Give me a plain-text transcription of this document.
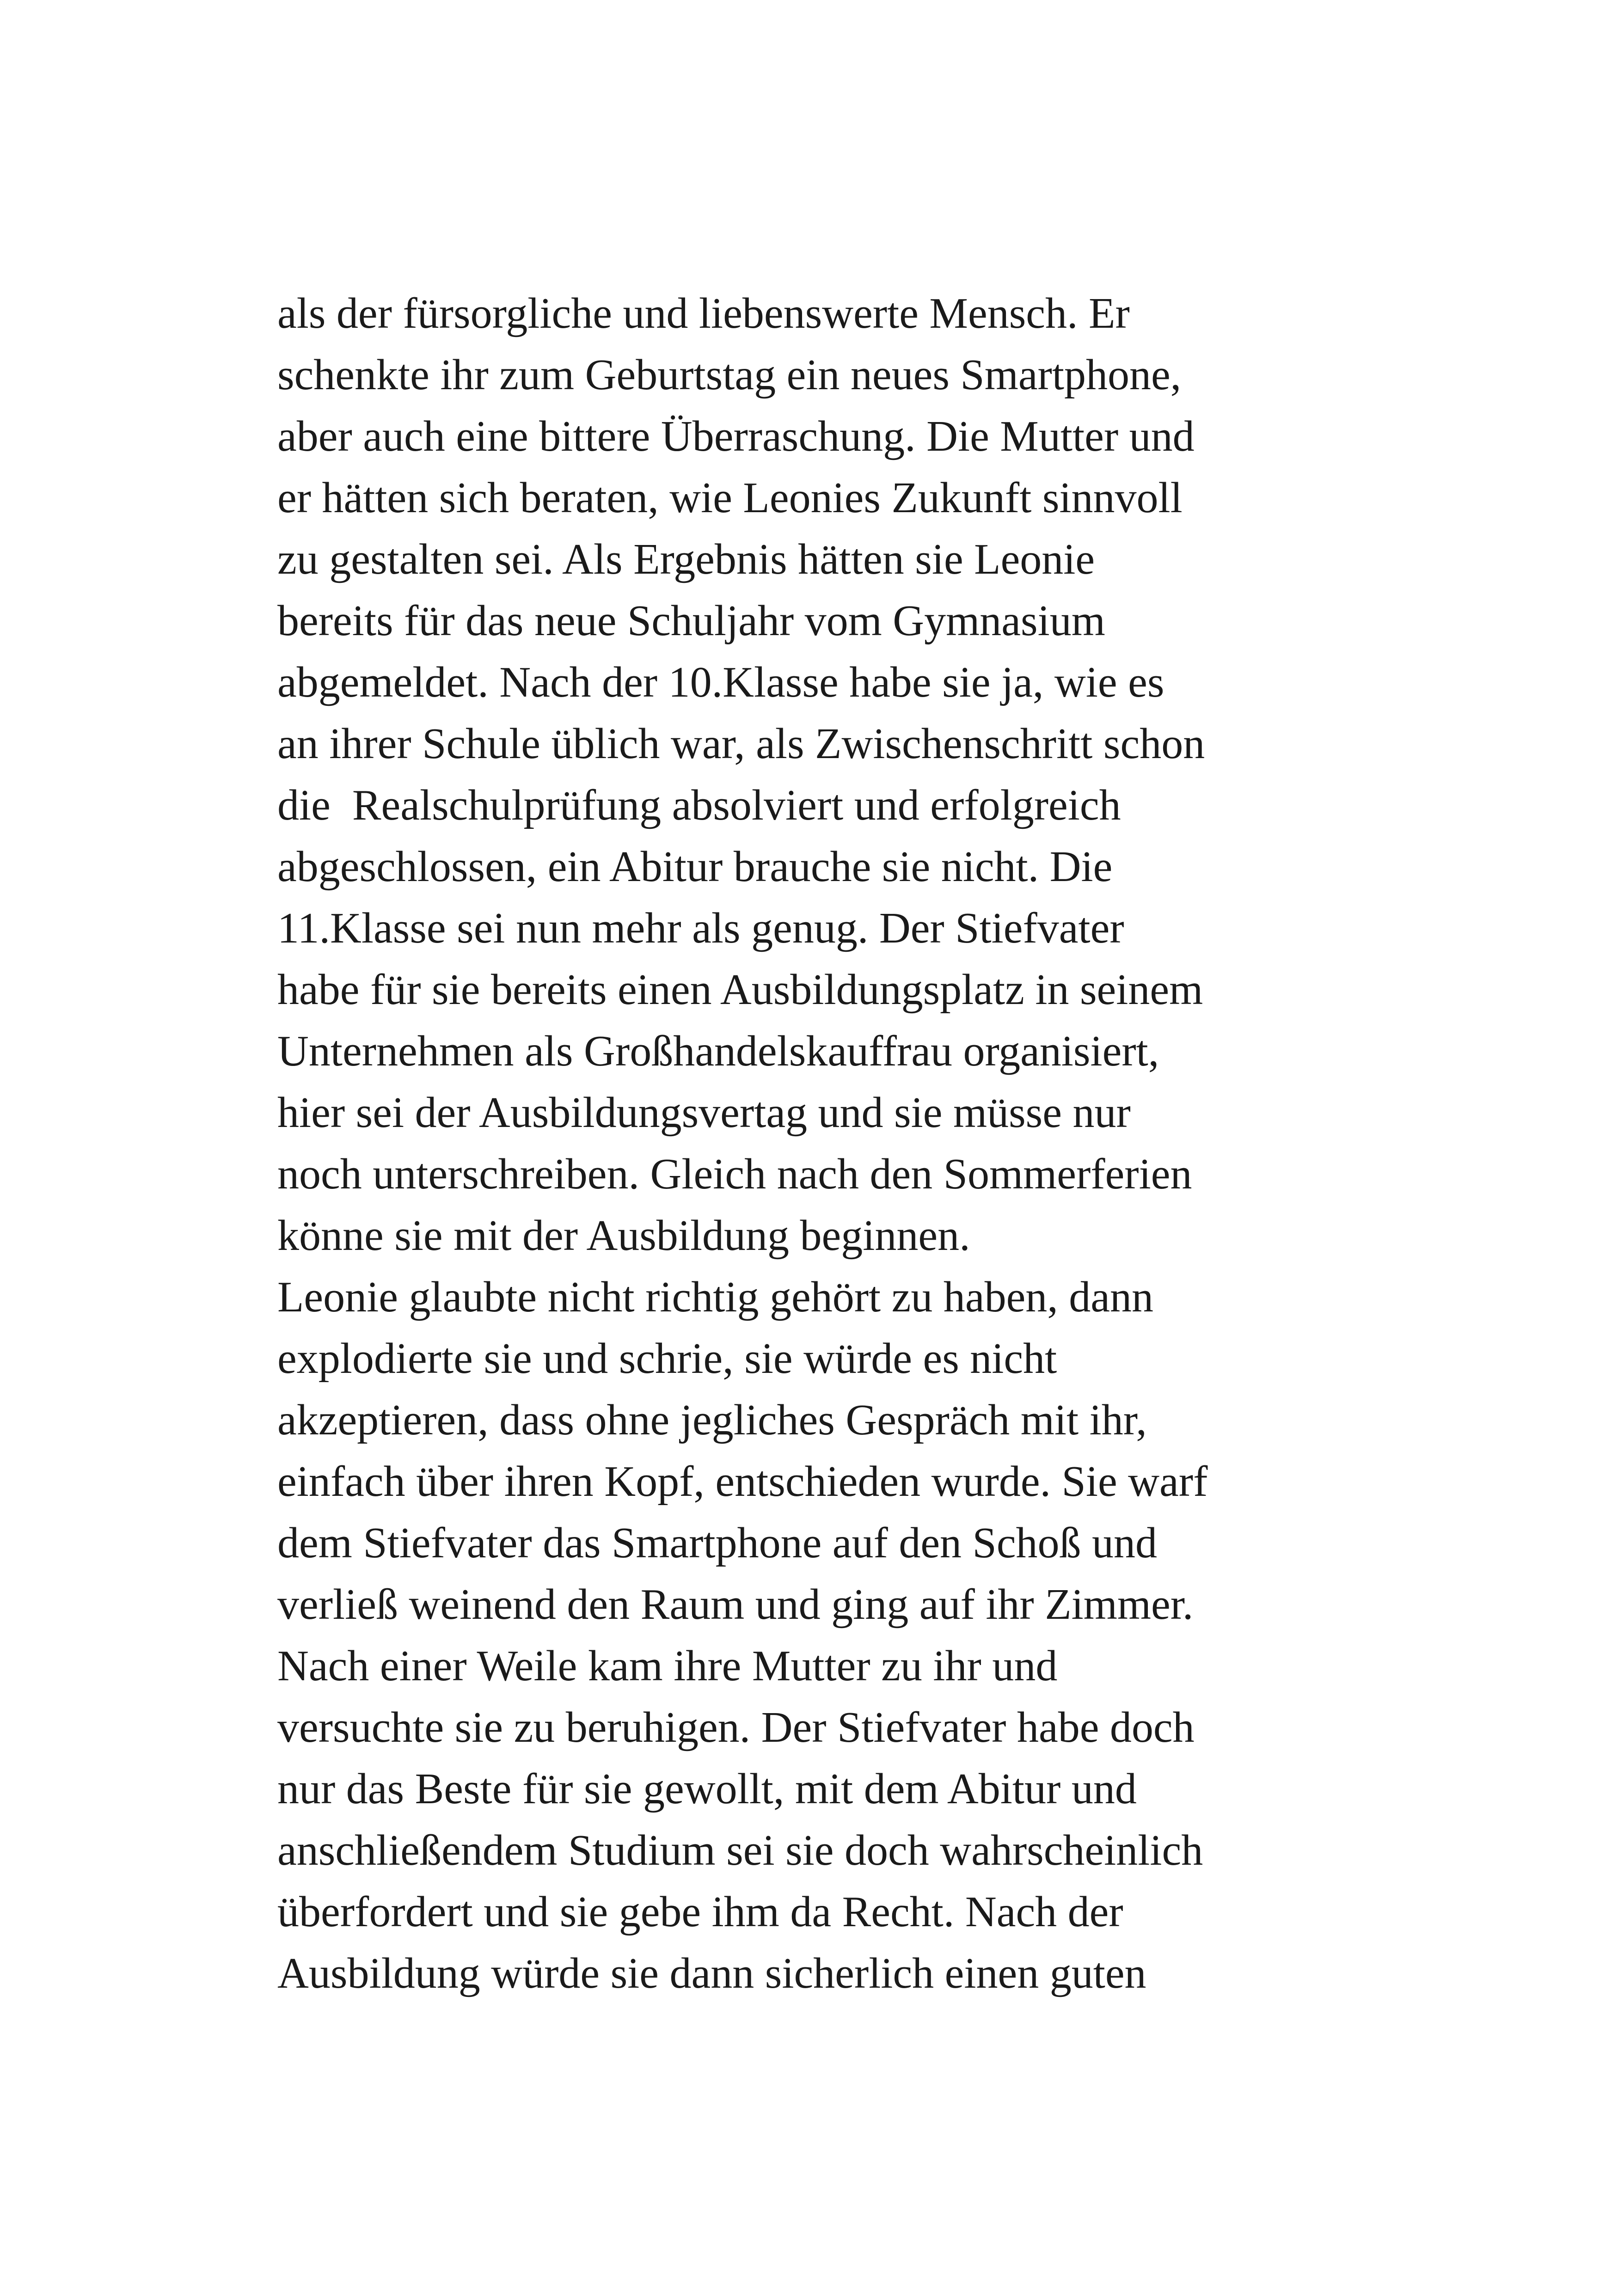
als der fürsorgliche und liebenswerte Mensch. Er
schenkte ihr zum Geburtstag ein neues Smartphone,
aber auch eine bittere Überraschung. Die Mutter und
er hätten sich beraten, wie Leonies Zukunft sinnvoll
zu gestalten sei. Als Ergebnis hätten sie Leonie
bereits für das neue Schuljahr vom Gymnasium
abgemeldet. Nach der 10.Klasse habe sie ja, wie es
an ihrer Schule üblich war, als Zwischenschritt schon
die  Realschulprüfung absolviert und erfolgreich
abgeschlossen, ein Abitur brauche sie nicht. Die
11.Klasse sei nun mehr als genug. Der Stiefvater
habe für sie bereits einen Ausbildungsplatz in seinem
Unternehmen als Großhandelskauffrau organisiert,
hier sei der Ausbildungsvertag und sie müsse nur
noch unterschreiben. Gleich nach den Sommerferien
könne sie mit der Ausbildung beginnen.
Leonie glaubte nicht richtig gehört zu haben, dann
explodierte sie und schrie, sie würde es nicht
akzeptieren, dass ohne jegliches Gespräch mit ihr,
einfach über ihren Kopf, entschieden wurde. Sie warf
dem Stiefvater das Smartphone auf den Schoß und
verließ weinend den Raum und ging auf ihr Zimmer.
Nach einer Weile kam ihre Mutter zu ihr und
versuchte sie zu beruhigen. Der Stiefvater habe doch
nur das Beste für sie gewollt, mit dem Abitur und
anschließendem Studium sei sie doch wahrscheinlich
überfordert und sie gebe ihm da Recht. Nach der
Ausbildung würde sie dann sicherlich einen guten
